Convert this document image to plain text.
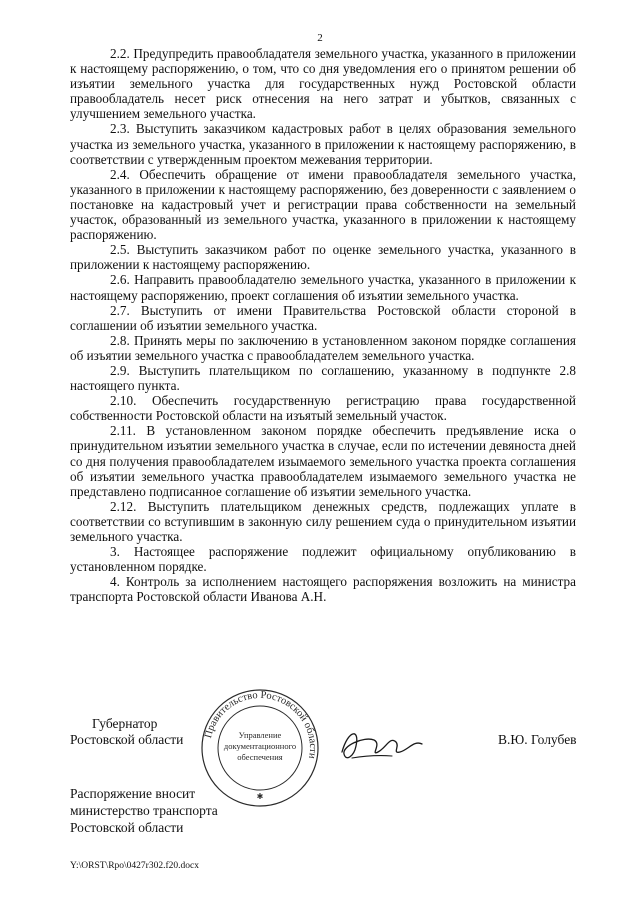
2

2.2. Предупредить правообладателя земельного участка, указанного в приложении к настоящему распоряжению, о том, что со дня уведомления его о принятом решении об изъятии земельного участка для государственных нужд Ростовской области правообладатель несет риск отнесения на него затрат и убытков, связанных с улучшением земельного участка.

2.3. Выступить заказчиком кадастровых работ в целях образования земельного участка из земельного участка, указанного в приложении к настоящему распоряжению, в соответствии с утвержденным проектом межевания территории.

2.4. Обеспечить обращение от имени правообладателя земельного участка, указанного в приложении к настоящему распоряжению, без доверенности с заявлением о постановке на кадастровый учет и регистрации права собственности на земельный участок, образованный из земельного участка, указанного в приложении к настоящему распоряжению.

2.5. Выступить заказчиком работ по оценке земельного участка, указанного в приложении к настоящему распоряжению.

2.6. Направить правообладателю земельного участка, указанного в приложении к настоящему распоряжению, проект соглашения об изъятии земельного участка.

2.7. Выступить от имени Правительства Ростовской области стороной в соглашении об изъятии земельного участка.

2.8. Принять меры по заключению в установленном законом порядке соглашения об изъятии земельного участка с правообладателем земельного участка.

2.9. Выступить плательщиком по соглашению, указанному в подпункте 2.8 настоящего пункта.

2.10. Обеспечить государственную регистрацию права государственной собственности Ростовской области на изъятый земельный участок.

2.11. В установленном законом порядке обеспечить предъявление иска о принудительном изъятии земельного участка в случае, если по истечении девяноста дней со дня получения правообладателем изымаемого земельного участка проекта соглашения об изъятии земельного участка правообладателем изымаемого земельного участка не представлено подписанное соглашение об изъятии земельного участка.

2.12. Выступить плательщиком денежных средств, подлежащих уплате в соответствии со вступившим в законную силу решением суда о принудительном изъятии земельного участка.

3. Настоящее распоряжение подлежит официальному опубликованию в установленном порядке.

4. Контроль за исполнением настоящего распоряжения возложить на министра транспорта Ростовской области Иванова А.Н.

Губернатор
Ростовской области Правительство Ростовской области
Управление
документационного
обеспечения
✱
В.Ю. Голубев
Распоряжение вносит
министерство транспорта
Ростовской области
Y:\ORST\Rpo\0427r302.f20.docx
